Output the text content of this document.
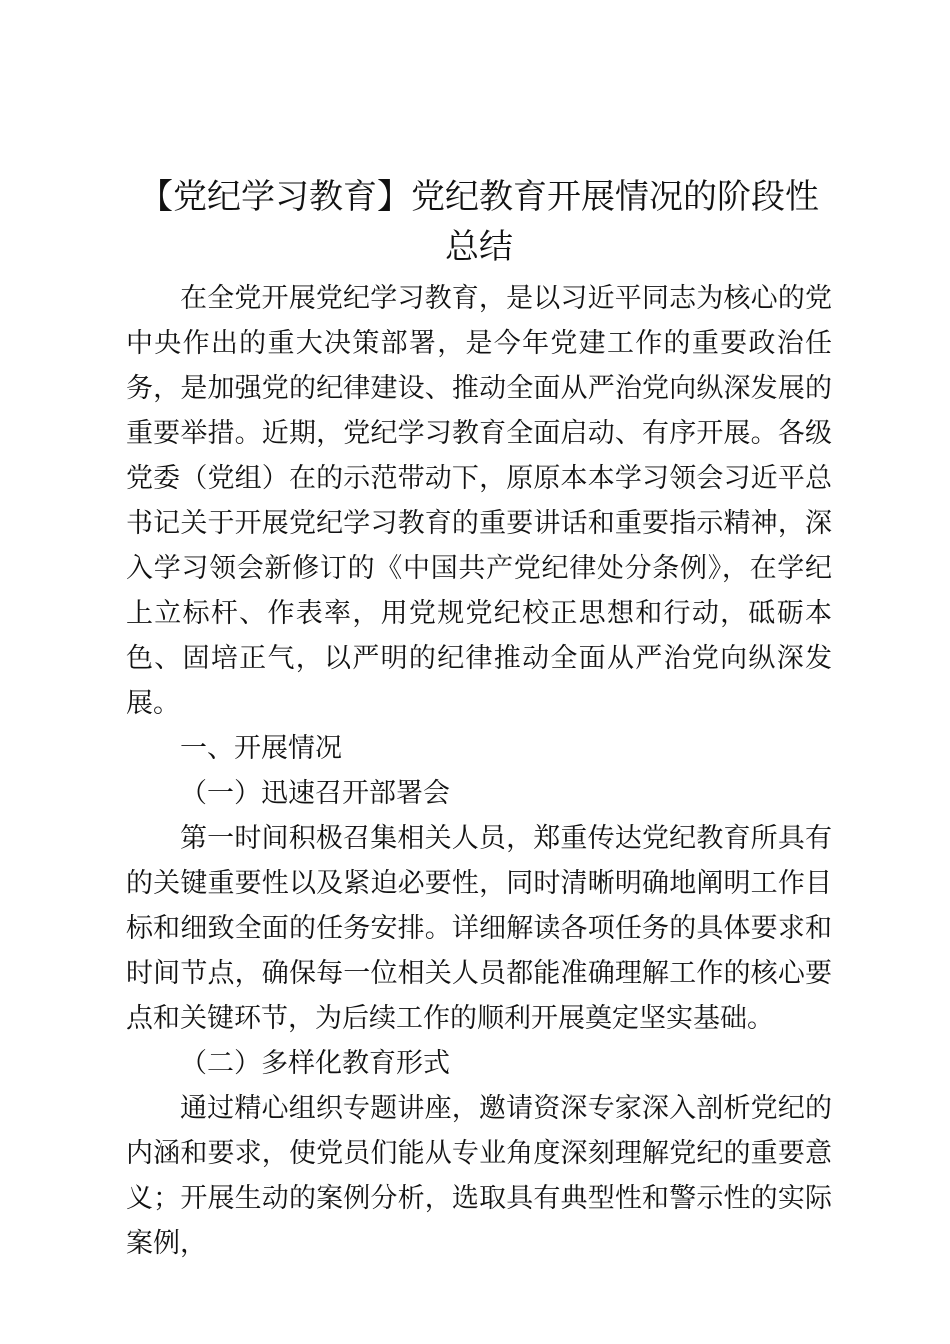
【党纪学习教育】党纪教育开展情况的阶段性
总结

在全党开展党纪学习教育，是以习近平同志为核心的党中央作出的重大决策部署，是今年党建工作的重要政治任务，是加强党的纪律建设、推动全面从严治党向纵深发展的重要举措。近期，党纪学习教育全面启动、有序开展。各级党委（党组）在的示范带动下，原原本本学习领会习近平总书记关于开展党纪学习教育的重要讲话和重要指示精神，深入学习领会新修订的《中国共产党纪律处分条例》，在学纪上立标杆、作表率，用党规党纪校正思想和行动，砥砺本色、固培正气，以严明的纪律推动全面从严治党向纵深发展。

一、开展情况

（一）迅速召开部署会

第一时间积极召集相关人员，郑重传达党纪教育所具有的关键重要性以及紧迫必要性，同时清晰明确地阐明工作目标和细致全面的任务安排。详细解读各项任务的具体要求和时间节点，确保每一位相关人员都能准确理解工作的核心要点和关键环节，为后续工作的顺利开展奠定坚实基础。

（二）多样化教育形式

通过精心组织专题讲座，邀请资深专家深入剖析党纪的内涵和要求，使党员们能从专业角度深刻理解党纪的重要意义；开展生动的案例分析，选取具有典型性和警示性的实际案例，
